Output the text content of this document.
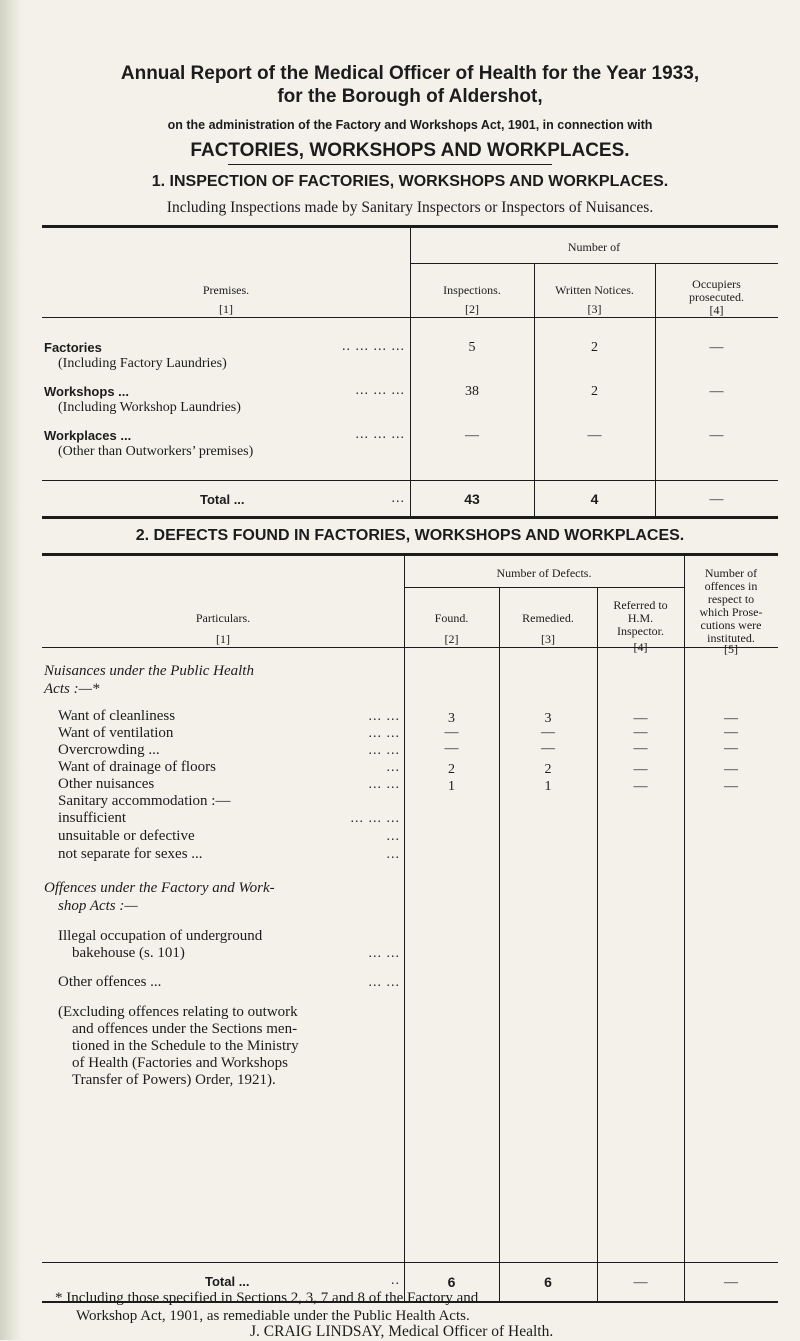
Annual Report of the Medical Officer of Health for the Year 1933,
for the Borough of Aldershot,
on the administration of the Factory and Workshops Act, 1901, in connection with
FACTORIES, WORKSHOPS AND WORKPLACES.
1. INSPECTION OF FACTORIES, WORKSHOPS AND WORKPLACES.
Including Inspections made by Sanitary Inspectors or Inspectors of Nuisances.
Number of
Premises.
[1]
Inspections.
[2]
Written Notices.
[3]
Occupiers
prosecuted.
[4]
Factories	.. ... ... ...
(Including Factory Laundries)
5	2	—
Workshops ...	... ... ...
(Including Workshop Laundries)
38	2	—
Workplaces ...	... ... ...
(Other than Outworkers’ premises)
—	—	—
Total ...	...	43	4	—
2. DEFECTS FOUND IN FACTORIES, WORKSHOPS AND WORKPLACES.
Number of Defects.
Particulars.
[1]
Found.
[2]
Remedied.
[3]
Referred to
H.M.
Inspector.
[4]
Number of
offences in
respect to
which Prose-
cutions were
instituted.
[5]
Nuisances under the Public Health
Acts :—*
Want of cleanliness	... ...	3	3	—	—
Want of ventilation	... ...	—	—	—	—
Overcrowding ...	... ...	—	—	—	—
Want of drainage of floors	...	2	2	—	—
Other nuisances	... ...	1	1	—	—
Sanitary accommodation :—
insufficient	... ... ...
unsuitable or defective	...
not separate for sexes ...	...
Offences under the Factory and Work-
shop Acts :—
Illegal occupation of underground
bakehouse (s. 101)	... ...
Other offences ...	... ...
(Excluding offences relating to outwork
and offences under the Sections men-
tioned in the Schedule to the Ministry
of Health (Factories and Workshops
Transfer of Powers) Order, 1921).
Total ...	..	6	6	—	—
* Including those specified in Sections 2, 3, 7 and 8 of the Factory and
Workshop Act, 1901, as remediable under the Public Health Acts.
J. CRAIG LINDSAY, Medical Officer of Health.
